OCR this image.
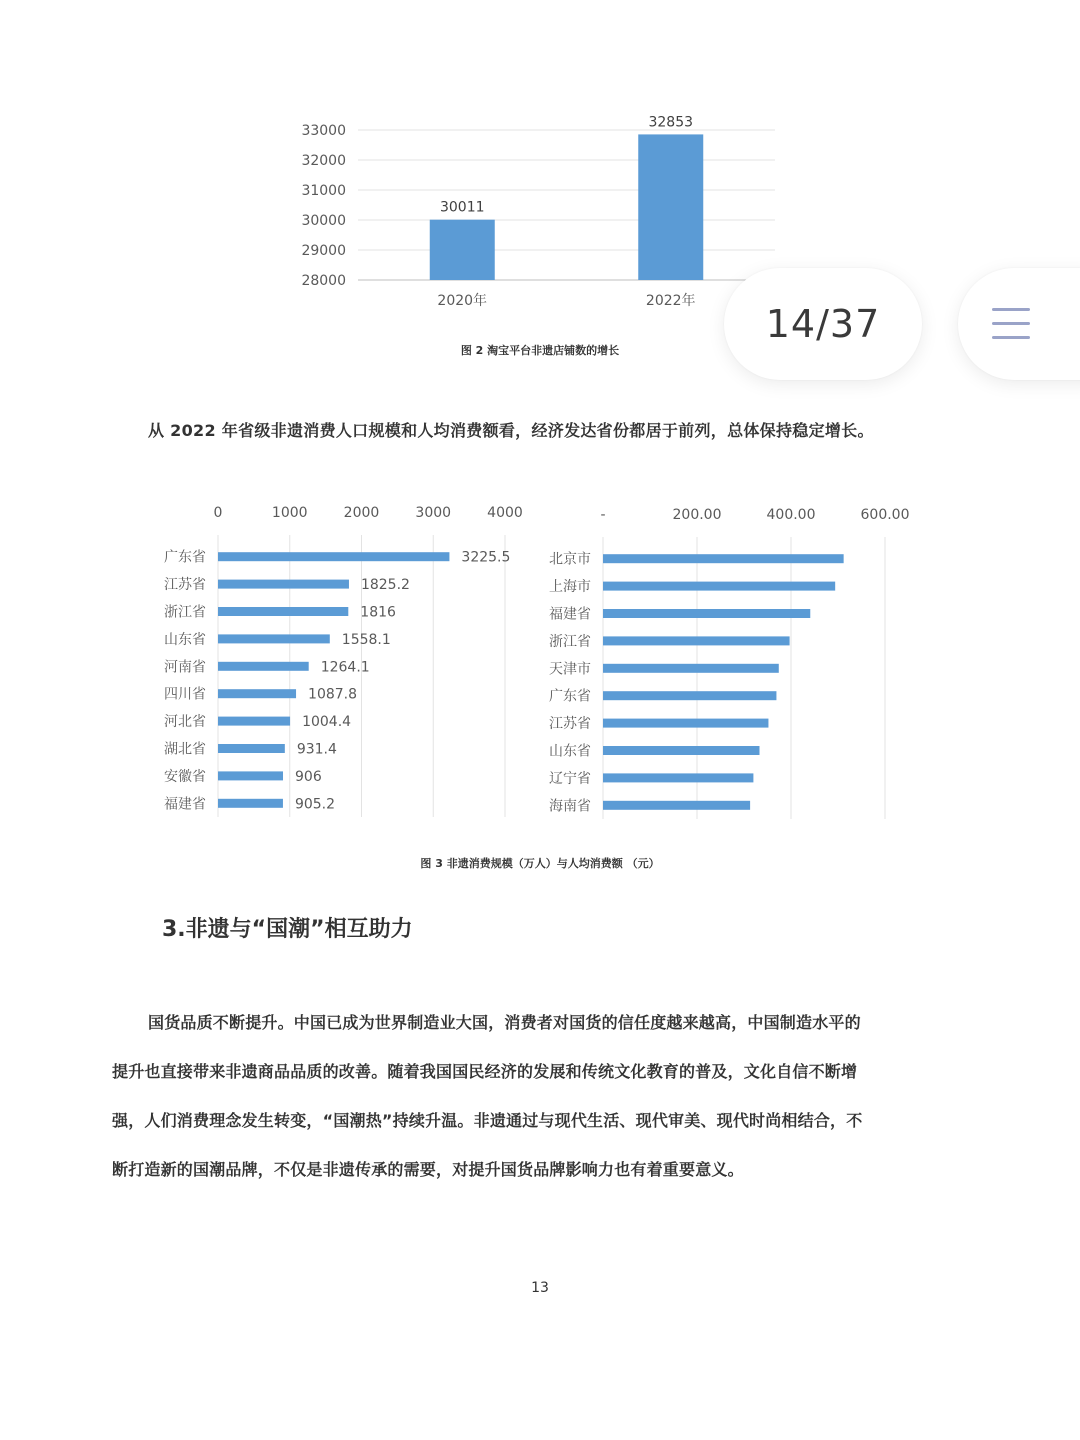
33000
32000
31000
30000
29000
28000
30011
2020年
32853
2022年
图 2 淘宝平台非遗店铺数的增长
从 2022 年省级非遗消费人口规模和人均消费额看，经济发达省份都居于前列，总体保持稳定增长。
0	1000	2000	3000	4000
广东省	3225.5
江苏省	1825.2
浙江省	1816
山东省	1558.1
河南省	1264.1
四川省	1087.8
河北省	1004.4
湖北省	931.4
安徽省	906
福建省	905.2
-	200.00	400.00	600.00
北京市
上海市
福建省
浙江省
天津市
广东省
江苏省
山东省
辽宁省
海南省
图 3 非遗消费规模（万人）与人均消费额 （元）
3.非遗与“国潮”相互助力
国货品质不断提升。中国已成为世界制造业大国，消费者对国货的信任度越来越高，中国制造水平的
提升也直接带来非遗商品品质的改善。随着我国国民经济的发展和传统文化教育的普及，文化自信不断增
强，人们消费理念发生转变，“国潮热”持续升温。非遗通过与现代生活、现代审美、现代时尚相结合，不
断打造新的国潮品牌，不仅是非遗传承的需要，对提升国货品牌影响力也有着重要意义。
13
14/37
